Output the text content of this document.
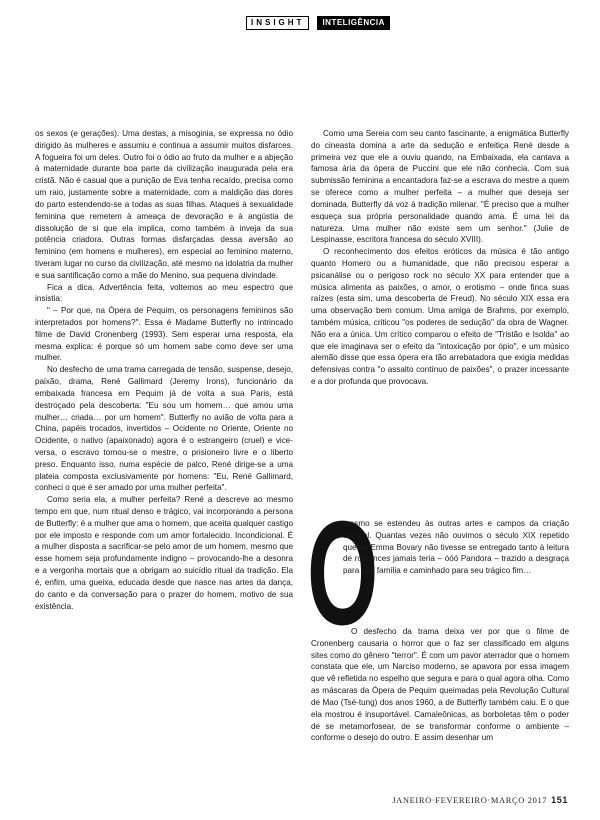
INSIGHT	INTELIGÊNCIA

os sexos (e gerações). Uma destas, a misoginia, se expressa no ódio dirigido às mulheres e assumiu e continua a assumir muitos disfarces. A fogueira foi um deles. Outro foi o ódio ao fruto da mulher e a abjeção à maternidade durante boa parte da civilização inaugurada pela era cristã. Não é casual que a punição de Eva tenha recaído, precisa como um raio, justamente sobre a maternidade, com a maldição das dores do parto estendendo-se a todas as suas filhas. Ataques à sexualidade feminina que remetem à ameaça de devoração e à angústia de dissolução de si que ela implica, como também à inveja da sua potência criadora. Outras formas disfarçadas dessa aversão ao feminino (em homens e mulheres), em especial ao feminino materno, tiveram lugar no curso da civilização, até mesmo na idolatria da mulher e sua santificação como a mãe do Menino, sua pequena divindade.

Fica a dica. Advertência feita, voltemos ao meu espectro que insistia:

" – Por que, na Ópera de Pequim, os personagens femininos são interpretados por homens?". Essa é Madame Butterfly no intrincado filme de David Cronenberg (1993). Sem esperar uma resposta, ela mesma explica: é porque só um homem sabe como deve ser uma mulher.

No desfecho de uma trama carregada de tensão, suspense, desejo, paixão, drama, René Gallimard (Jeremy Irons), funcionário da embaixada francesa em Pequim já de volta a sua Paris, está destroçado pela descoberta: "Eu sou um homem… que amou uma mulher… criada… por um homem". Butterfly no avião de volta para a China, papéis trocados, invertidos – Ocidente no Oriente, Oriente no Ocidente, o nativo (apaixonado) agora é o estrangeiro (cruel) e vice-versa, o escravo tornou-se o mestre, o prisioneiro livre e o liberto preso. Enquanto isso, numa espécie de palco, René dirige-se a uma plateia composta exclusivamente por homens: "Eu, René Gallimard, conheci o que é ser amado por uma mulher perfeita".

Como seria ela, a mulher perfeita? René a descreve ao mesmo tempo em que, num ritual denso e trágico, vai incorporando a persona de Butterfly: é a mulher que ama o homem, que aceita qualquer castigo por ele imposto e responde com um amor fortalecido. Incondicional. É a mulher disposta a sacrificar-se pelo amor de um homem, mesmo que esse homem seja profundamente indigno – provocando-lhe a desonra e a vergonha mortais que a obrigam ao suicídio ritual da tradição. Ela é, enfim, uma gueixa, educada desde que nasce nas artes da dança, do canto e da conversação para o prazer do homem, motivo de sua existência.

Como uma Sereia com seu canto fascinante, a enigmática Butterfly do cineasta domina a arte da sedução e enfeitiça René desde a primeira vez que ele a ouviu quando, na Embaixada, ela cantava a famosa ária da ópera de Puccini que ele não conhecia. Com sua submissão feminina a encantadora faz-se a escrava do mestre a quem se oferece como a mulher perfeita – a mulher que deseja ser dominada. Butterfly dá voz à tradição milenar. "É preciso que a mulher esqueça sua própria personalidade quando ama. É uma lei da natureza. Uma mulher não existe sem um senhor." (Julie de Lespinasse, escritora francesa do século XVIII).

O reconhecimento dos efeitos eróticos da música é tão antigo quanto Homero ou a humanidade, que não precisou esperar a psicanálise ou o perigoso rock no século XX para entender que a música alimenta as paixões, o amor, o erotismo – onde finca suas raízes (esta sim, uma descoberta de Freud). No século XIX essa era uma observação bem comum. Uma amiga de Brahms, por exemplo, também música, criticou "os poderes de sedução" da obra de Wagner. Não era a única. Um crítico comparou o efeito de "Tristão e Isolda" ao que ele imaginava ser o efeito da "intoxicação por ópio", e um músico alemão disse que essa ópera era tão arrebatadora que exigia medidas defensivas contra "o assalto contínuo de paixões", o prazer incessante e a dor profunda que provocava.

O

mesmo se estendeu às outras artes e campos da criação cultural. Quantas vezes não ouvimos o século XIX repetido que se Emma Bovary não tivesse se entregado tanto à leitura de romances jamais teria – óóó Pandora – trazido a desgraça para sua família e caminhado para seu trágico fim…

O desfecho da trama deixa ver por que o filme de Cronenberg causaria o horror que o faz ser classificado em alguns sites como do gênero "terror". É com um pavor aterrador que o homem constata que ele, um Narciso moderno, se apavora por essa imagem que vê refletida no espelho que segura e para o qual agora olha. Como as máscaras da Ópera de Pequim queimadas pela Revolução Cultural de Mao (Tsé-tung) dos anos 1960, a de Butterfly também caiu. E o que ela mostrou é insuportável. Camaleônicas, as borboletas têm o poder de se metamorfosear, de se transformar conforme o ambiente – conforme o desejo do outro. E assim desenhar um

JANEIRO·FEVEREIRO·MARÇO 2017 151
